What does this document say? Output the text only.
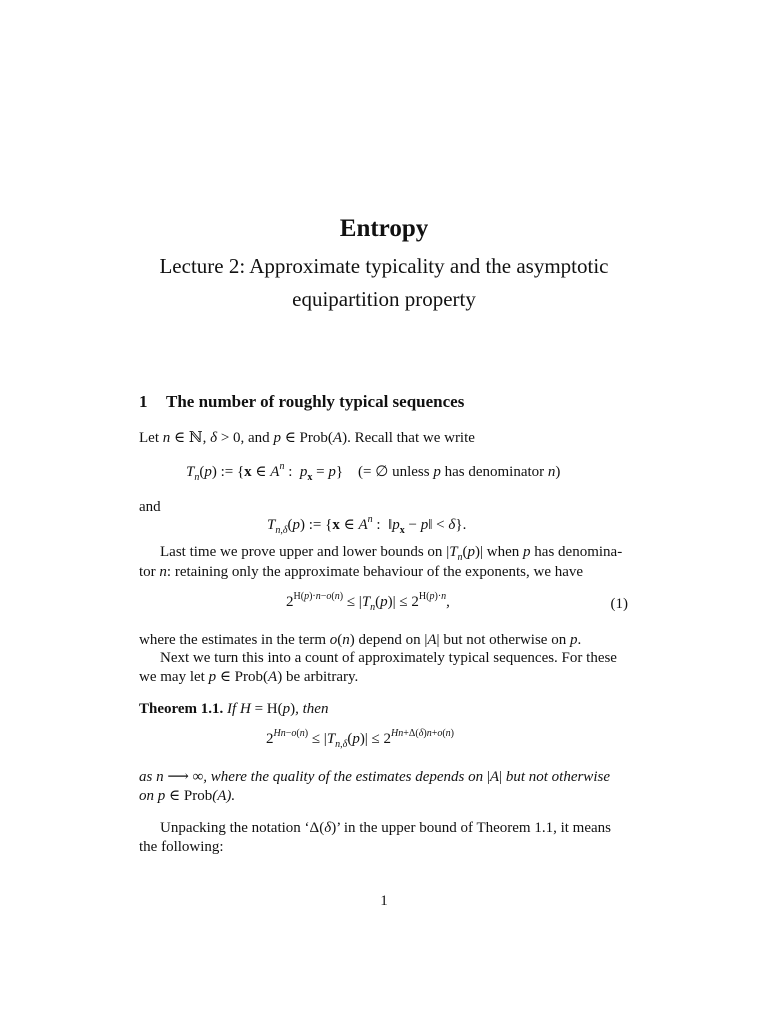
Entropy
Lecture 2: Approximate typicality and the asymptotic
equipartition property
1 The number of roughly typical sequences
Let n ∈ ℕ, δ > 0, and p ∈ Prob(A). Recall that we write
$T_n(p)$ := {x ∈ $A^n$ :  $p_x = p$}    (= ∅ unless p has denominator n)
and
$T_{n,\delta}(p)$ := {x ∈ $A^n$ :  $‖p_x$ − p‖ < δ}.
Last time we prove upper and lower bounds on $|T_n(p)|$ when p has denomina-
tor n: retaining only the approximate behaviour of the exponents, we have
$2^{H(p)\cdot n-o(n)} \le |T_n(p)| \le 2^{H(p)\cdot n}$,	(1)
where the estimates in the term o(n) depend on |A| but not otherwise on p.
Next we turn this into a count of approximately typical sequences. For these
we may let p ∈ Prob(A) be arbitrary.
Theorem 1.1. If H = H(p), then
$2^{Hn-o(n)} \le |T_{n,\delta}(p)| \le 2^{Hn+\Delta(\delta)n+o(n)}$
as n ⟶ ∞, where the quality of the estimates depends on |A| but not otherwise
on p ∈ Prob(A).
Unpacking the notation ‘Δ(δ)’ in the upper bound of Theorem 1.1, it means
the following:
1
